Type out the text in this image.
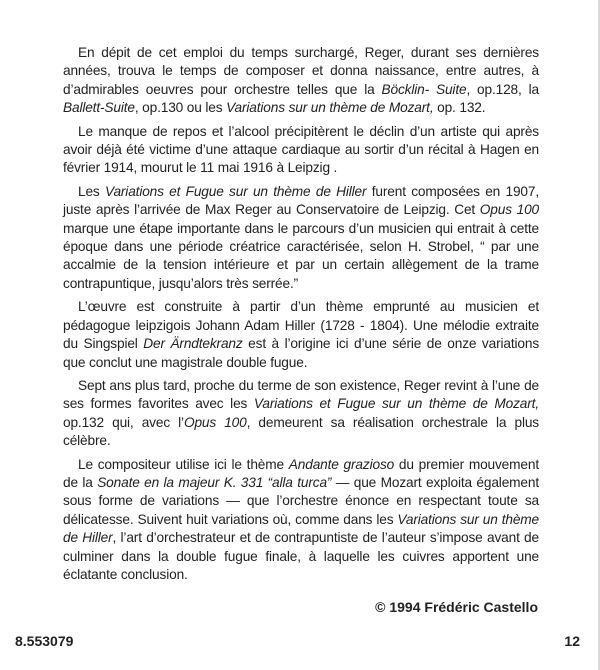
En dépit de cet emploi du temps surchargé, Reger, durant ses dernières années, trouva le temps de composer et donna naissance, entre autres, à d’admirables oeuvres pour orchestre telles que la Böcklin- Suite, op.128, la Ballett-Suite, op.130 ou les Variations sur un thème de Mozart, op. 132.

Le manque de repos et l’alcool précipitèrent le déclin d’un artiste qui après avoir déjà été victime d’une attaque cardiaque au sortir d’un récital à Hagen en février 1914, mourut le 11 mai 1916 à Leipzig .

Les Variations et Fugue sur un thème de Hiller furent composées en 1907, juste après l’arrivée de Max Reger au Conservatoire de Leipzig. Cet Opus 100 marque une étape importante dans le parcours d’un musicien qui entrait à cette époque dans une période créatrice caractérisée, selon H. Strobel, “ par une accalmie de la tension intérieure et par un certain allègement de la trame contrapuntique, jusqu’alors très serrée.”

L’œuvre est construite à partir d’un thème emprunté au musicien et pédagogue leipzigois Johann Adam Hiller (1728 - 1804). Une mélodie extraite du Singspiel Der Ärndtekranz est à l’origine ici d’une série de onze variations que conclut une magistrale double fugue.

Sept ans plus tard, proche du terme de son existence, Reger revint à l’une de ses formes favorites avec les Variations et Fugue sur un thème de Mozart, op.132 qui, avec l’Opus 100, demeurent sa réalisation orchestrale la plus célèbre.

Le compositeur utilise ici le thème Andante grazioso du premier mouvement de la Sonate en la majeur K. 331 “alla turca” — que Mozart exploita également sous forme de variations — que l’orchestre énonce en respectant toute sa délicatesse. Suivent huit variations où, comme dans les Variations sur un thème de Hiller, l’art d’orchestrateur et de contrapuntiste de l’auteur s’impose avant de culminer dans la double fugue finale, à laquelle les cuivres apportent une éclatante conclusion.

© 1994 Frédéric Castello
8.553079	12
